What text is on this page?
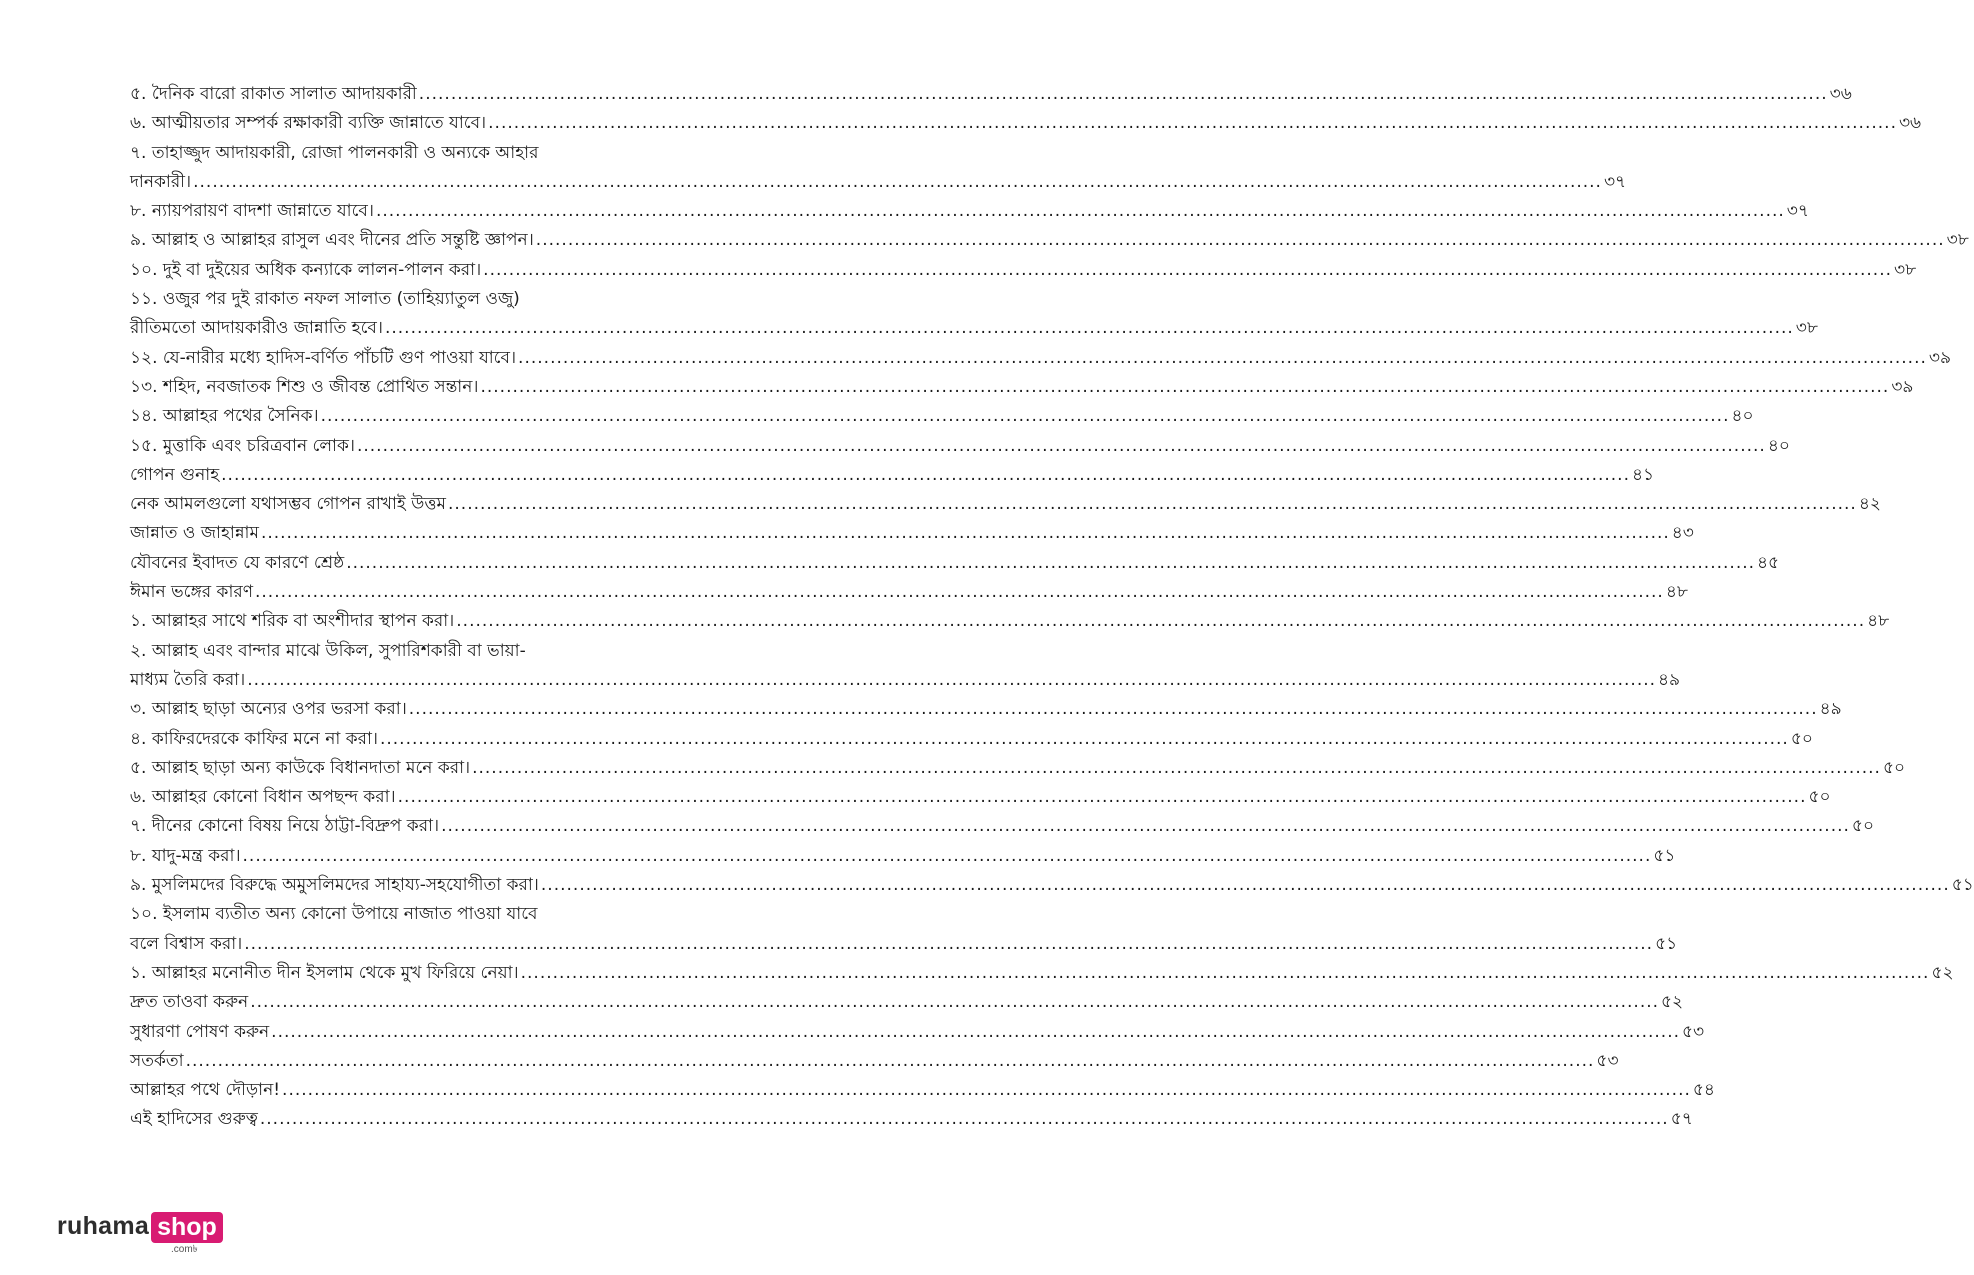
৫. দৈনিক বারো রাকাত সালাত আদায়কারী ............................................................................................................................................................................................................................ ৩৬
৬. আত্মীয়তার সম্পর্ক রক্ষাকারী ব্যক্তি জান্নাতে যাবে। ............................................................................................................................................................................................................................ ৩৬
৭. তাহাজ্জুদ আদায়কারী, রোজা পালনকারী ও অন্যকে আহার
দানকারী। ............................................................................................................................................................................................................................ ৩৭
৮. ন্যায়পরায়ণ বাদশা জান্নাতে যাবে। ............................................................................................................................................................................................................................ ৩৭
৯. আল্লাহ ও আল্লাহর রাসুল এবং দীনের প্রতি সন্তুষ্টি জ্ঞাপন। ............................................................................................................................................................................................................................ ৩৮
১০. দুই বা দুইয়ের অধিক কন্যাকে লালন-পালন করা। ............................................................................................................................................................................................................................ ৩৮
১১. ওজুর পর দুই রাকাত নফল সালাত (তাহিয়্যাতুল ওজু)
রীতিমতো আদায়কারীও জান্নাতি হবে। ............................................................................................................................................................................................................................ ৩৮
১২. যে-নারীর মধ্যে হাদিস-বর্ণিত পাঁচটি গুণ পাওয়া যাবে। ............................................................................................................................................................................................................................ ৩৯
১৩. শহিদ, নবজাতক শিশু ও জীবন্ত প্রোথিত সন্তান। ............................................................................................................................................................................................................................ ৩৯
১৪. আল্লাহর পথের সৈনিক। ............................................................................................................................................................................................................................ ৪০
১৫. মুত্তাকি এবং চরিত্রবান লোক। ............................................................................................................................................................................................................................ ৪০
গোপন গুনাহ ............................................................................................................................................................................................................................ ৪১
নেক আমলগুলো যথাসম্ভব গোপন রাখাই উত্তম ............................................................................................................................................................................................................................ ৪২
জান্নাত ও জাহান্নাম ............................................................................................................................................................................................................................ ৪৩
যৌবনের ইবাদত যে কারণে শ্রেষ্ঠ ............................................................................................................................................................................................................................ ৪৫
ঈমান ভঙ্গের কারণ ............................................................................................................................................................................................................................ ৪৮
১. আল্লাহর সাথে শরিক বা অংশীদার স্থাপন করা। ............................................................................................................................................................................................................................ ৪৮
২. আল্লাহ এবং বান্দার মাঝে উকিল, সুপারিশকারী বা ভায়া-
মাধ্যম তৈরি করা। ............................................................................................................................................................................................................................ ৪৯
৩. আল্লাহ ছাড়া অন্যের ওপর ভরসা করা। ............................................................................................................................................................................................................................ ৪৯
৪. কাফিরদেরকে কাফির মনে না করা। ............................................................................................................................................................................................................................ ৫০
৫. আল্লাহ ছাড়া অন্য কাউকে বিধানদাতা মনে করা। ............................................................................................................................................................................................................................ ৫০
৬. আল্লাহর কোনো বিধান অপছন্দ করা। ............................................................................................................................................................................................................................ ৫০
৭. দীনের কোনো বিষয় নিয়ে ঠাট্টা-বিদ্রুপ করা। ............................................................................................................................................................................................................................ ৫০
৮. যাদু-মন্ত্র করা। ............................................................................................................................................................................................................................ ৫১
৯. মুসলিমদের বিরুদ্ধে অমুসলিমদের সাহায্য-সহযোগীতা করা। ............................................................................................................................................................................................................................ ৫১
১০. ইসলাম ব্যতীত অন্য কোনো উপায়ে নাজাত পাওয়া যাবে
বলে বিশ্বাস করা। ............................................................................................................................................................................................................................ ৫১
১. আল্লাহর মনোনীত দীন ইসলাম থেকে মুখ ফিরিয়ে নেয়া। ............................................................................................................................................................................................................................ ৫২
দ্রুত তাওবা করুন ............................................................................................................................................................................................................................ ৫২
সুধারণা পোষণ করুন ............................................................................................................................................................................................................................ ৫৩
সতর্কতা ............................................................................................................................................................................................................................ ৫৩
আল্লাহর পথে দৌড়ান! ............................................................................................................................................................................................................................ ৫৪
এই হাদিসের গুরুত্ব ............................................................................................................................................................................................................................ ৫৭
ruhama shop
.com৳
